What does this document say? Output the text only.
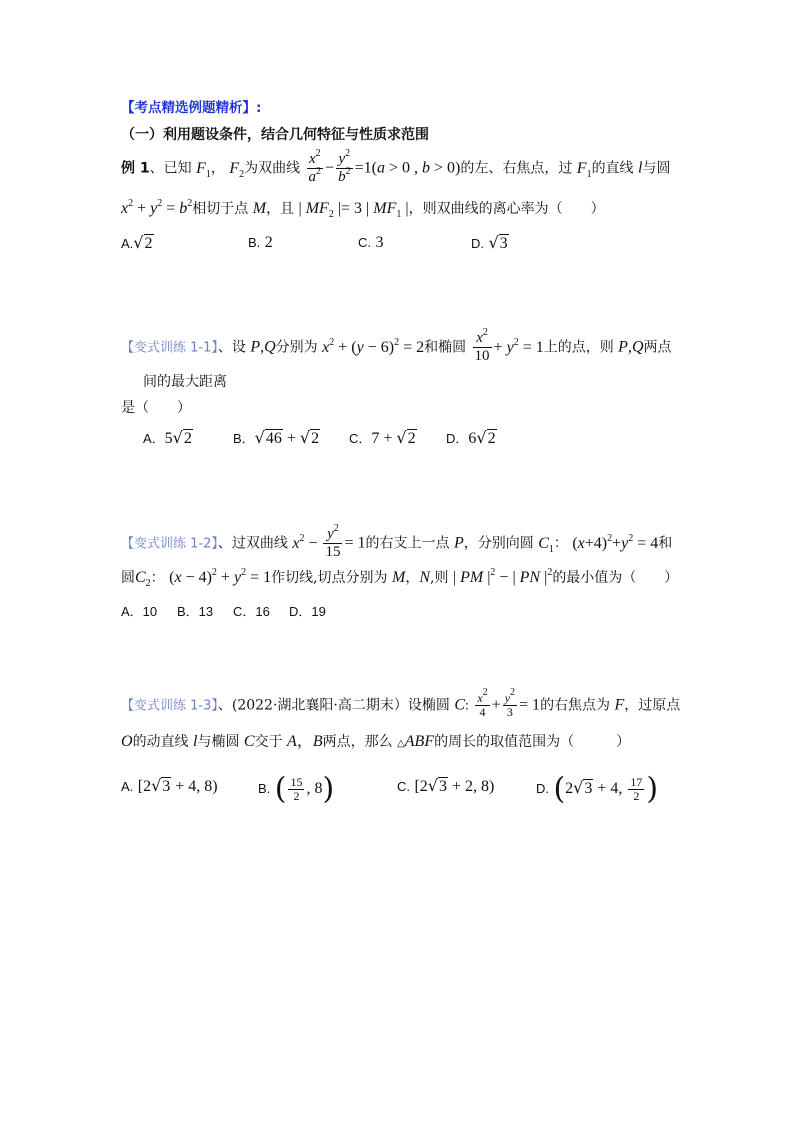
【考点精选例题精析】:
（一）利用题设条件，结合几何特征与性质求范围
例 1、已知 $F_1$， $F_2$为双曲线 $\frac{x^2}{a^2} - \frac{y^2}{b^2} =1(a > 0$ , b > 0)的左、右焦点，过 $F_1$的直线 l与圆
$x^2 + y^2 = b^2$相切于点 M，且 | $MF_2$ |= 3 | $MF_1$ |，则双曲线的离心率为（　　）
A.√2	B. 2	C. 3	D. √3
【变式训练 1-1】、设 P,Q分别为 $x^2 + (y - 6)^2 = 2$和椭圆 $\frac{x^2}{10} + y^2 = 1$上的点，则 P,Q两点
间的最大距离
是（　　）
A．5√2	B．√46 + √2 C．7 + √2 D．6√2
【变式训练 1-2】、过双曲线 $x^2 - \frac{y^2}{15} = 1$的右支上一点 P，分别向圆 $C_1$： $(x+4)^2+y^2 = 4$和
圆$C_2$： $(x - 4)^2 + y^2 = 1$作切线,切点分别为 M，N,则 | PM $|^2$ − | PN $|^2$的最小值为（　　）
A．10 B．13 C．16 D．19
【变式训练 1-3】、(2022·湖北襄阳·高二期末）设椭圆 C: $\frac{x^2}{4} + \frac{y^2}{3} = 1$的右焦点为 F，过原点
O的动直线 l与椭圆 C交于 A，B两点，那么 △ABF的周长的取值范围为（　　　）
A. [2√3 + 4, 8)	B. ( $\frac{15}{2}$ , 8)	C. [2√3 + 2, 8)	D. (2√3 + 4, $\frac{17}{2}$ )
